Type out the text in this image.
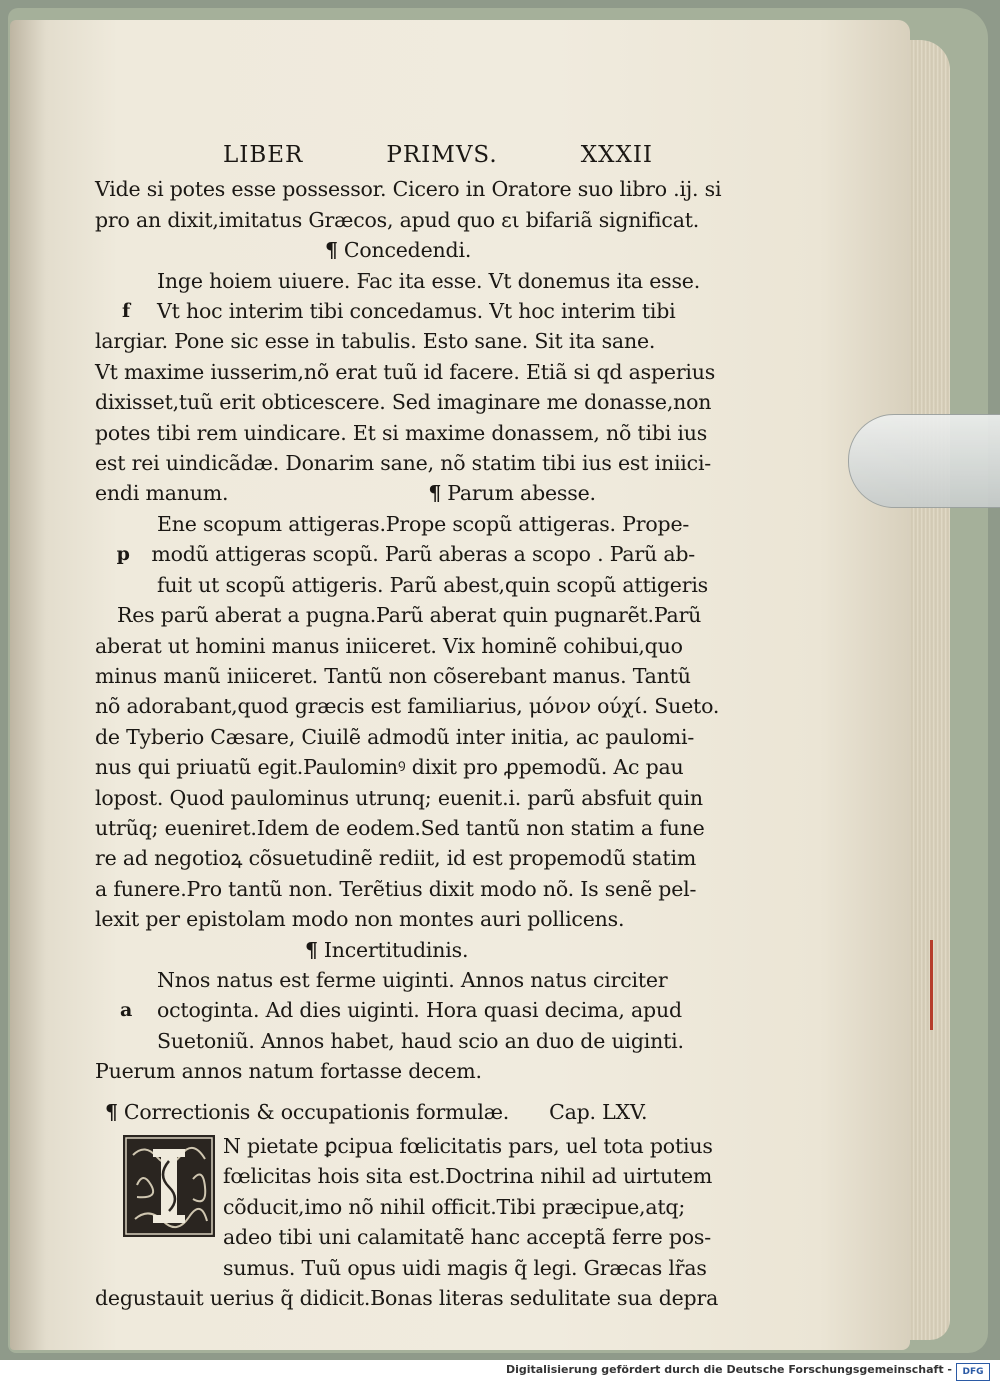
LIBER	PRIMVS.	XXXII
Vide si potes esse possessor. Cicero in Oratore suo libro .ij. si
pro an dixit,imitatus Græcos, apud quo ει bifariã significat.
¶ Concedendi.
Inge hoiem uiuere. Fac ita esse. Vt donemus ita esse.
f	Vt hoc interim tibi concedamus. Vt hoc interim tibi
largiar. Pone sic esse in tabulis. Esto sane. Sit ita sane.
Vt maxime iusserim,nõ erat tuũ id facere. Etiã si qd asperius
dixisset,tuũ erit obticescere. Sed imaginare me donasse,non
potes tibi rem uindicare. Et si maxime donassem, nõ tibi ius
est rei uindicãdæ. Donarim sane, nõ statim tibi ius est iniici-
endi manum.	¶ Parum abesse.
Ene scopum attigeras.Prope scopũ attigeras. Prope-
p	modũ attigeras scopũ. Parũ aberas a scopo . Parũ ab-
fuit ut scopũ attigeris. Parũ abest,quin scopũ attigeris
Res parũ aberat a pugna.Parũ aberat quin pugnarẽt.Parũ
aberat ut homini manus iniiceret. Vix hominẽ cohibui,quo
minus manũ iniiceret. Tantũ non cõserebant manus. Tantũ
nõ adorabant,quod græcis est familiarius, μόνον ούχί. Sueto.
de Tyberio Cæsare, Ciuilẽ admodũ inter initia, ac paulomi-
nus qui priuatũ egit.Paulominꝰ dixit pro ꝓpemodũ. Ac pau
lopost. Quod paulominus utrunq; euenit.i. parũ absfuit quin
utrũq; eueniret.Idem de eodem.Sed tantũ non statim a fune
re ad negotioꝝ cõsuetudinẽ rediit, id est propemodũ statim
a funere.Pro tantũ non. Terẽtius dixit modo nõ. Is senẽ pel-
lexit per epistolam modo non montes auri pollicens.
¶ Incertitudinis.
Nnos natus est ferme uiginti. Annos natus circiter
a	octoginta. Ad dies uiginti. Hora quasi decima, apud
Suetoniũ. Annos habet, haud scio an duo de uiginti.
Puerum annos natum fortasse decem.
¶ Correctionis & occupationis formulæ. Cap. LXV.
N pietate ꝑcipua fœlicitatis pars, uel tota potius
fœlicitas hois sita est.Doctrina nihil ad uirtutem
cõducit,imo nõ nihil officit.Tibi præcipue,atq;
adeo tibi uni calamitatẽ hanc acceptã ferre pos-
sumus. Tuũ opus uidi magis q̃ legi. Græcas lr̃as
degustauit uerius q̃ didicit.Bonas literas sedulitate sua depra
Digitalisierung gefördert durch die Deutsche Forschungsgemeinschaft -	DFG
